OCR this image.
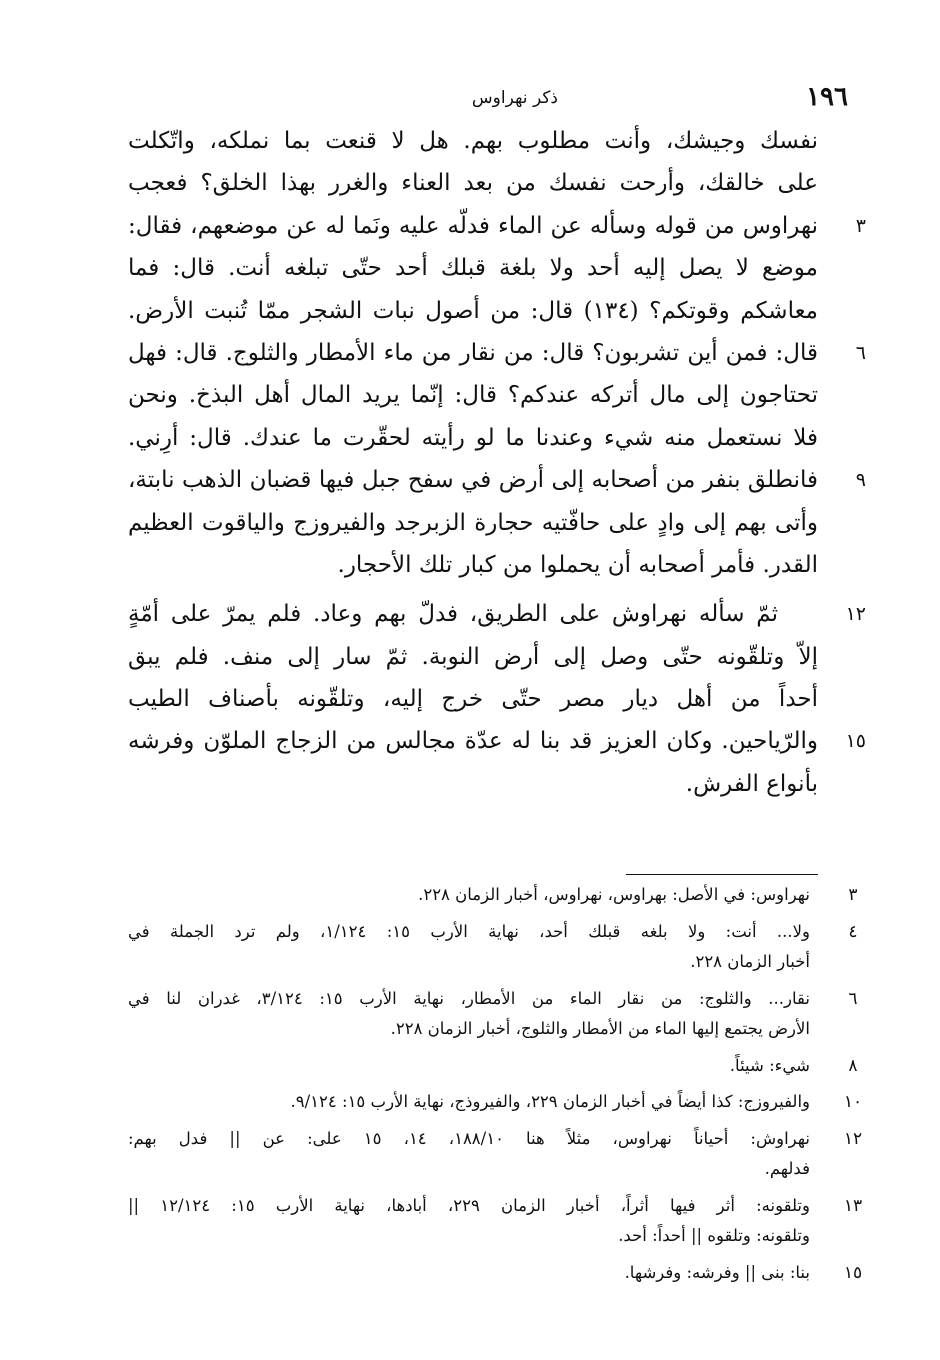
١٩٦
ذكر نهراوس
نفسك وجيشك، وأنت مطلوب بهم. هل لا قنعت بما نملكه، واتّكلت
على خالقك، وأرحت نفسك من بعد العناء والغرر بهذا الخلق؟ فعجب
٣
نهراوس من قوله وسأله عن الماء فدلّه عليه ونَما له عن موضعهم، فقال:
موضع لا يصل إليه أحد ولا بلغة قبلك أحد حتّى تبلغه أنت. قال: فما
معاشكم وقوتكم؟ (١٣٤) قال: من أصول نبات الشجر ممّا تُنبت الأرض.
٦
قال: فمن أين تشربون؟ قال: من نقار من ماء الأمطار والثلوج. قال: فهل
تحتاجون إلى مال أتركه عندكم؟ قال: إنّما يريد المال أهل البذخ. ونحن
فلا نستعمل منه شيء وعندنا ما لو رأيته لحقّرت ما عندك. قال: أرِني.
٩
فانطلق بنفر من أصحابه إلى أرض في سفح جبل فيها قضبان الذهب نابتة،
وأتى بهم إلى وادٍ على حافّتيه حجارة الزبرجد والفيروزج والياقوت العظيم
القدر. فأمر أصحابه أن يحملوا من كبار تلك الأحجار.
١٢
ثمّ سأله نهراوش على الطريق، فدلّ بهم وعاد. فلم يمرّ على أمّةٍ
إلاّ وتلقّونه حتّى وصل إلى أرض النوبة. ثمّ سار إلى منف. فلم يبق
أحداً من أهل ديار مصر حتّى خرج إليه، وتلقّونه بأصناف الطيب
١٥
والرّياحين. وكان العزيز قد بنا له عدّة مجالس من الزجاج الملوّن وفرشه
بأنواع الفرش.
٣
نهراوس: في الأصل: بهراوس، نهراوس، أخبار الزمان ٢٢٨.
٤
ولا... أنت: ولا بلغه قبلك أحد، نهاية الأرب ١٥: ١/١٢٤، ولم ترد الجملة في
أخبار الزمان ٢٢٨.
٦
نقار... والثلوج: من نقار الماء من الأمطار، نهاية الأرب ١٥: ٣/١٢٤، غدران لنا في
الأرض يجتمع إليها الماء من الأمطار والثلوج، أخبار الزمان ٢٢٨.
٨
شيء: شيئاً.
١٠
والفيروزج: كذا أيضاً في أخبار الزمان ٢٢٩، والفيروذج، نهاية الأرب ١٥: ٩/١٢٤.
١٢
نهراوش: أحياناً نهراوس، مثلاً هنا ١٨٨/١٠، ١٤، ١٥ على: عن || فدل بهم:
فدلهم.
١٣
وتلقونه: أثر فيها أثراً، أخبار الزمان ٢٢٩، أبادها، نهاية الأرب ١٥: ١٢/١٢٤ ||
وتلقونه: وتلقوه || أحداً: أحد.
١٥
بنا: بنى || وفرشه: وفرشها.
